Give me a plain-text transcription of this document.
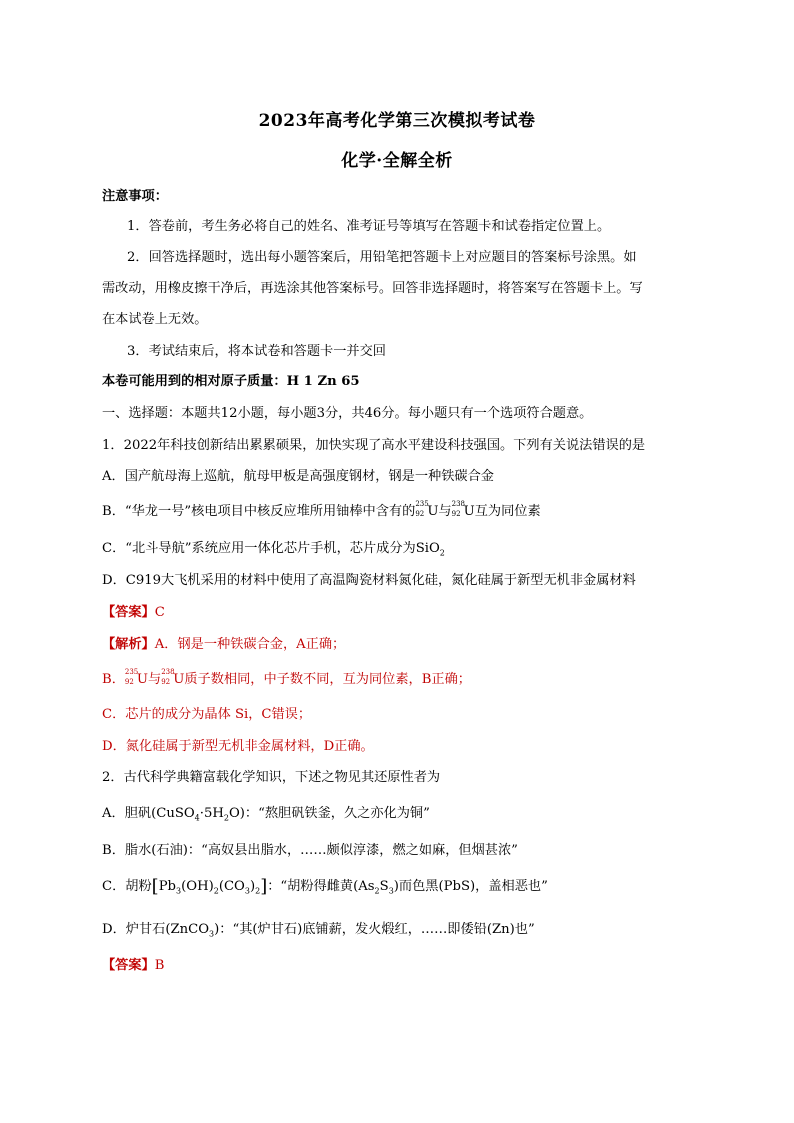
2023年高考化学第三次模拟考试卷
化学·全解全析
注意事项：
1．答卷前，考生务必将自己的姓名、准考证号等填写在答题卡和试卷指定位置上。
2．回答选择题时，选出每小题答案后，用铅笔把答题卡上对应题目的答案标号涂黑。如
需改动，用橡皮擦干净后，再选涂其他答案标号。回答非选择题时，将答案写在答题卡上。写
在本试卷上无效。
3．考试结束后，将本试卷和答题卡一并交回
本卷可能用到的相对原子质量：H 1 Zn 65
一、选择题：本题共12小题，每小题3分，共46分。每小题只有一个选项符合题意。
1．2022年科技创新结出累累硕果，加快实现了高水平建设科技强国。下列有关说法错误的是
A．国产航母海上巡航，航母甲板是高强度钢材，钢是一种铁碳合金
B．“华龙一号”核电项目中核反应堆所用铀棒中含有的 235
92 U与 238
92 U互为同位素
C．“北斗导航”系统应用一体化芯片手机，芯片成分为SiO$_2$
D．C919大飞机采用的材料中使用了高温陶瓷材料氮化硅，氮化硅属于新型无机非金属材料
【答案】C
【解析】A．钢是一种铁碳合金，A正确；
B． 235
92 U与 238
92 U质子数相同，中子数不同，互为同位素，B正确；
C．芯片的成分为晶体 Si，C错误；
D．氮化硅属于新型无机非金属材料，D正确。
2．古代科学典籍富载化学知识，下述之物见其还原性者为
A．胆矾$(CuSO_4\cdot 5H_2O)$：“熬胆矾铁釜，久之亦化为铜”
B．脂水(石油)：“高奴县出脂水，……颇似淳漆，燃之如麻，但烟甚浓”
C．胡粉$[Pb_3(OH)_2(CO_3)_2]$：“胡粉得雌黄$(As_2S_3)$而色黑(PbS)，盖相恶也”
D．炉甘石(ZnCO$_3$)：“其(炉甘石)底铺薪，发火煅红，……即倭铅(Zn)也”
【答案】B
